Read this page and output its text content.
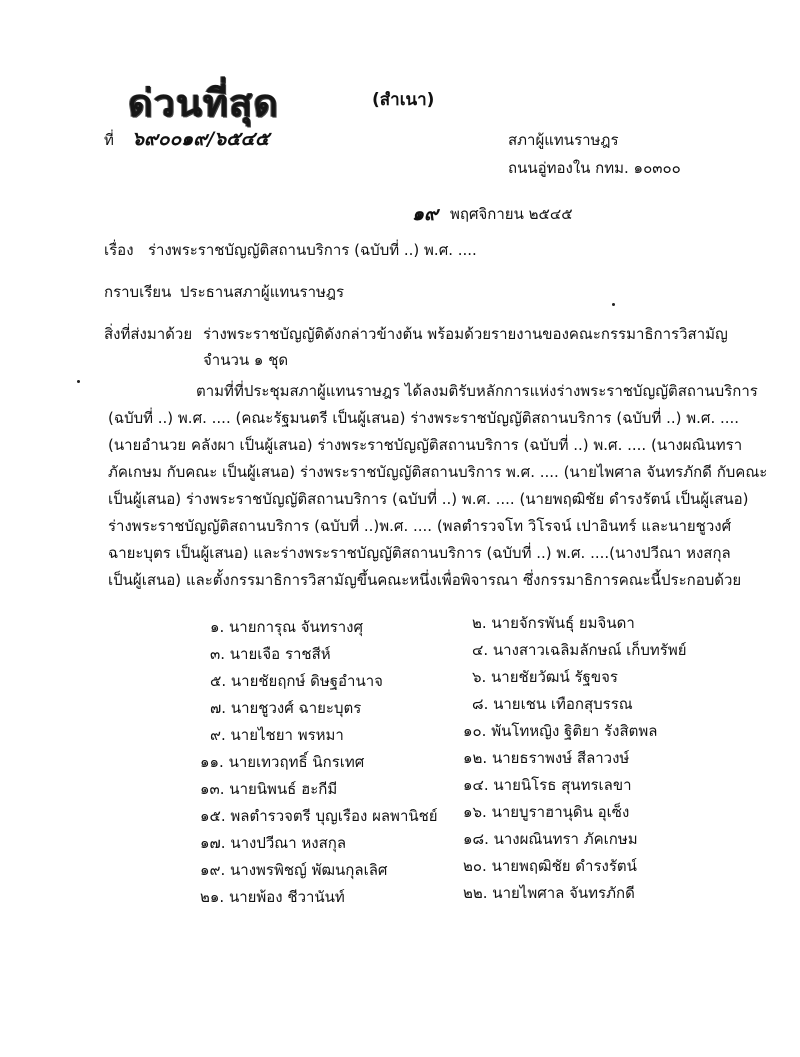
ด่วนที่สุด	(สำเนา)
ที่ ๖๙๐๐๑๙/๖๕๔๕	สภาผู้แทนราษฎร
ถนนอู่ทองใน กทม. ๑๐๓๐๐
๑๙ พฤศจิกายน ๒๕๔๕
เรื่อง ร่างพระราชบัญญัติสถานบริการ (ฉบับที่ ..) พ.ศ. ....
กราบเรียน ประธานสภาผู้แทนราษฎร
สิ่งที่ส่งมาด้วย ร่างพระราชบัญญัติดังกล่าวข้างต้น พร้อมด้วยรายงานของคณะกรรมาธิการวิสามัญ
จำนวน ๑ ชุด

ตามที่ที่ประชุมสภาผู้แทนราษฎร ได้ลงมติรับหลักการแห่งร่างพระราชบัญญัติสถานบริการ

(ฉบับที่ ..) พ.ศ. .... (คณะรัฐมนตรี เป็นผู้เสนอ) ร่างพระราชบัญญัติสถานบริการ (ฉบับที่ ..) พ.ศ. ....

(นายอำนวย คลังผา เป็นผู้เสนอ) ร่างพระราชบัญญัติสถานบริการ (ฉบับที่ ..) พ.ศ. .... (นางผณินทรา

ภัคเกษม กับคณะ เป็นผู้เสนอ) ร่างพระราชบัญญัติสถานบริการ พ.ศ. .... (นายไพศาล จันทรภักดี กับคณะ

เป็นผู้เสนอ) ร่างพระราชบัญญัติสถานบริการ (ฉบับที่ ..) พ.ศ. .... (นายพฤฒิชัย ดำรงรัตน์ เป็นผู้เสนอ)

ร่างพระราชบัญญัติสถานบริการ (ฉบับที่ ..)พ.ศ. .... (พลตำรวจโท วิโรจน์ เปาอินทร์ และนายชูวงศ์

ฉายะบุตร เป็นผู้เสนอ) และร่างพระราชบัญญัติสถานบริการ (ฉบับที่ ..) พ.ศ. ....(นางปวีณา หงสกุล

เป็นผู้เสนอ) และตั้งกรรมาธิการวิสามัญขึ้นคณะหนึ่งเพื่อพิจารณา ซึ่งกรรมาธิการคณะนี้ประกอบด้วย

๑. นายการุณ จันทรางศุ	๒. นายจักรพันธุ์ ยมจินดา
๓. นายเจือ ราชสีห์	๔. นางสาวเฉลิมลักษณ์ เก็บทรัพย์
๕. นายชัยฤกษ์ ดิษฐอำนาจ	๖. นายชัยวัฒน์ รัฐขจร
๗. นายชูวงศ์ ฉายะบุตร	๘. นายเชน เทือกสุบรรณ
๙. นายไชยา พรหมา	๑๐. พันโทหญิง ฐิติยา รังสิตพล
๑๑. นายเทวฤทธิ์ นิกรเทศ	๑๒. นายธราพงษ์ สีลาวงษ์
๑๓. นายนิพนธ์ ฮะกีมี	๑๔. นายนิโรธ สุนทรเลขา
๑๕. พลตำรวจตรี บุญเรือง ผลพานิชย์ ๑๖. นายบูราฮานุดิน อุเซ็ง
๑๗. นางปวีณา หงสกุล	๑๘. นางผณินทรา ภัคเกษม
๑๙. นางพรพิชญ์ พัฒนกุลเลิศ	๒๐. นายพฤฒิชัย ดำรงรัตน์
๒๑. นายพ้อง ชีวานันท์	๒๒. นายไพศาล จันทรภักดี
